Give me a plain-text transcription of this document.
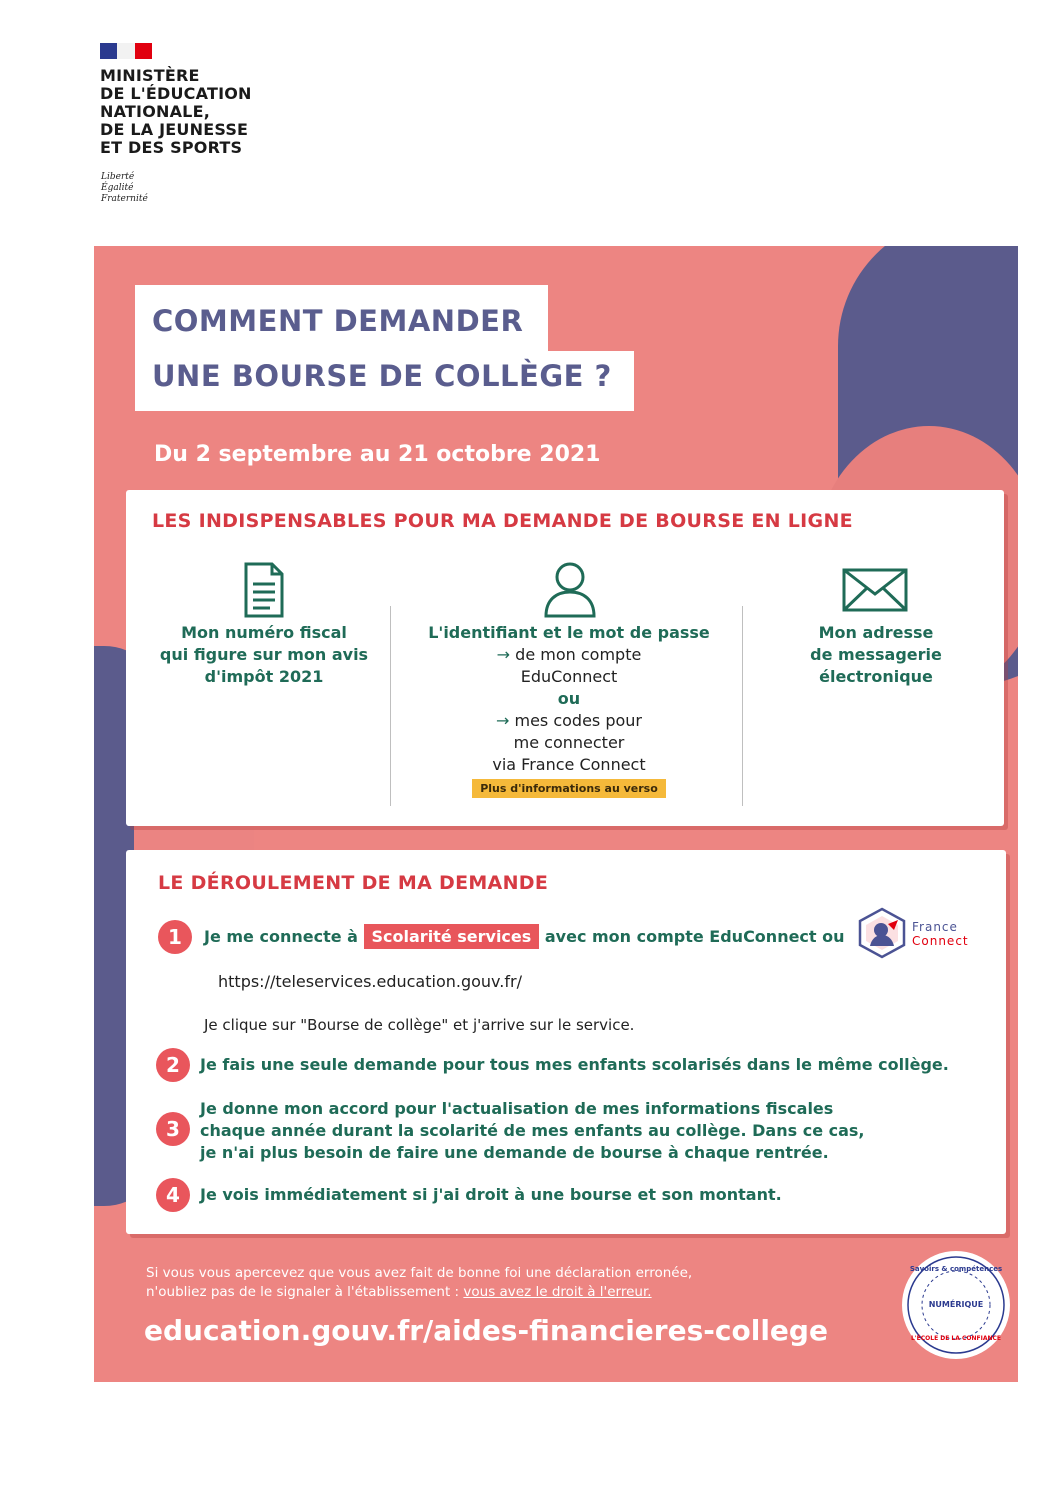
MINISTÈRE
DE L'ÉDUCATION
NATIONALE,
DE LA JEUNESSE
ET DES SPORTS
Liberté
Égalité
Fraternité
COMMENT DEMANDER
UNE BOURSE DE COLLÈGE ?
Du 2 septembre au 21 octobre 2021
LES INDISPENSABLES POUR MA DEMANDE DE BOURSE EN LIGNE
Mon numéro fiscal
qui figure sur mon avis
d'impôt 2021
L'identifiant et le mot de passe
→ de mon compte
EduConnect
ou
→ mes codes pour
me connecter
via France Connect
Plus d'informations au verso
Mon adresse
de messagerie
électronique
LE DÉROULEMENT DE MA DEMANDE
1	Je me connecte à Scolarité services avec mon compte EduConnect ou	France
Connect
https://teleservices.education.gouv.fr/
Je clique sur "Bourse de collège" et j'arrive sur le service.
2	Je fais une seule demande pour tous mes enfants scolarisés dans le même collège.
3
Je donne mon accord pour l'actualisation de mes informations fiscales
chaque année durant la scolarité de mes enfants au collège. Dans ce cas,
je n'ai plus besoin de faire une demande de bourse à chaque rentrée.
4	Je vois immédiatement si j'ai droit à une bourse et son montant.
Si vous vous apercevez que vous avez fait de bonne foi une déclaration erronée,
n'oubliez pas de le signaler à l'établissement : vous avez le droit à l'erreur.
education.gouv.fr/aides-financieres-college
Savoirs & compétences
NUMÉRIQUE
L'ÉCOLE DE LA CONFIANCE
